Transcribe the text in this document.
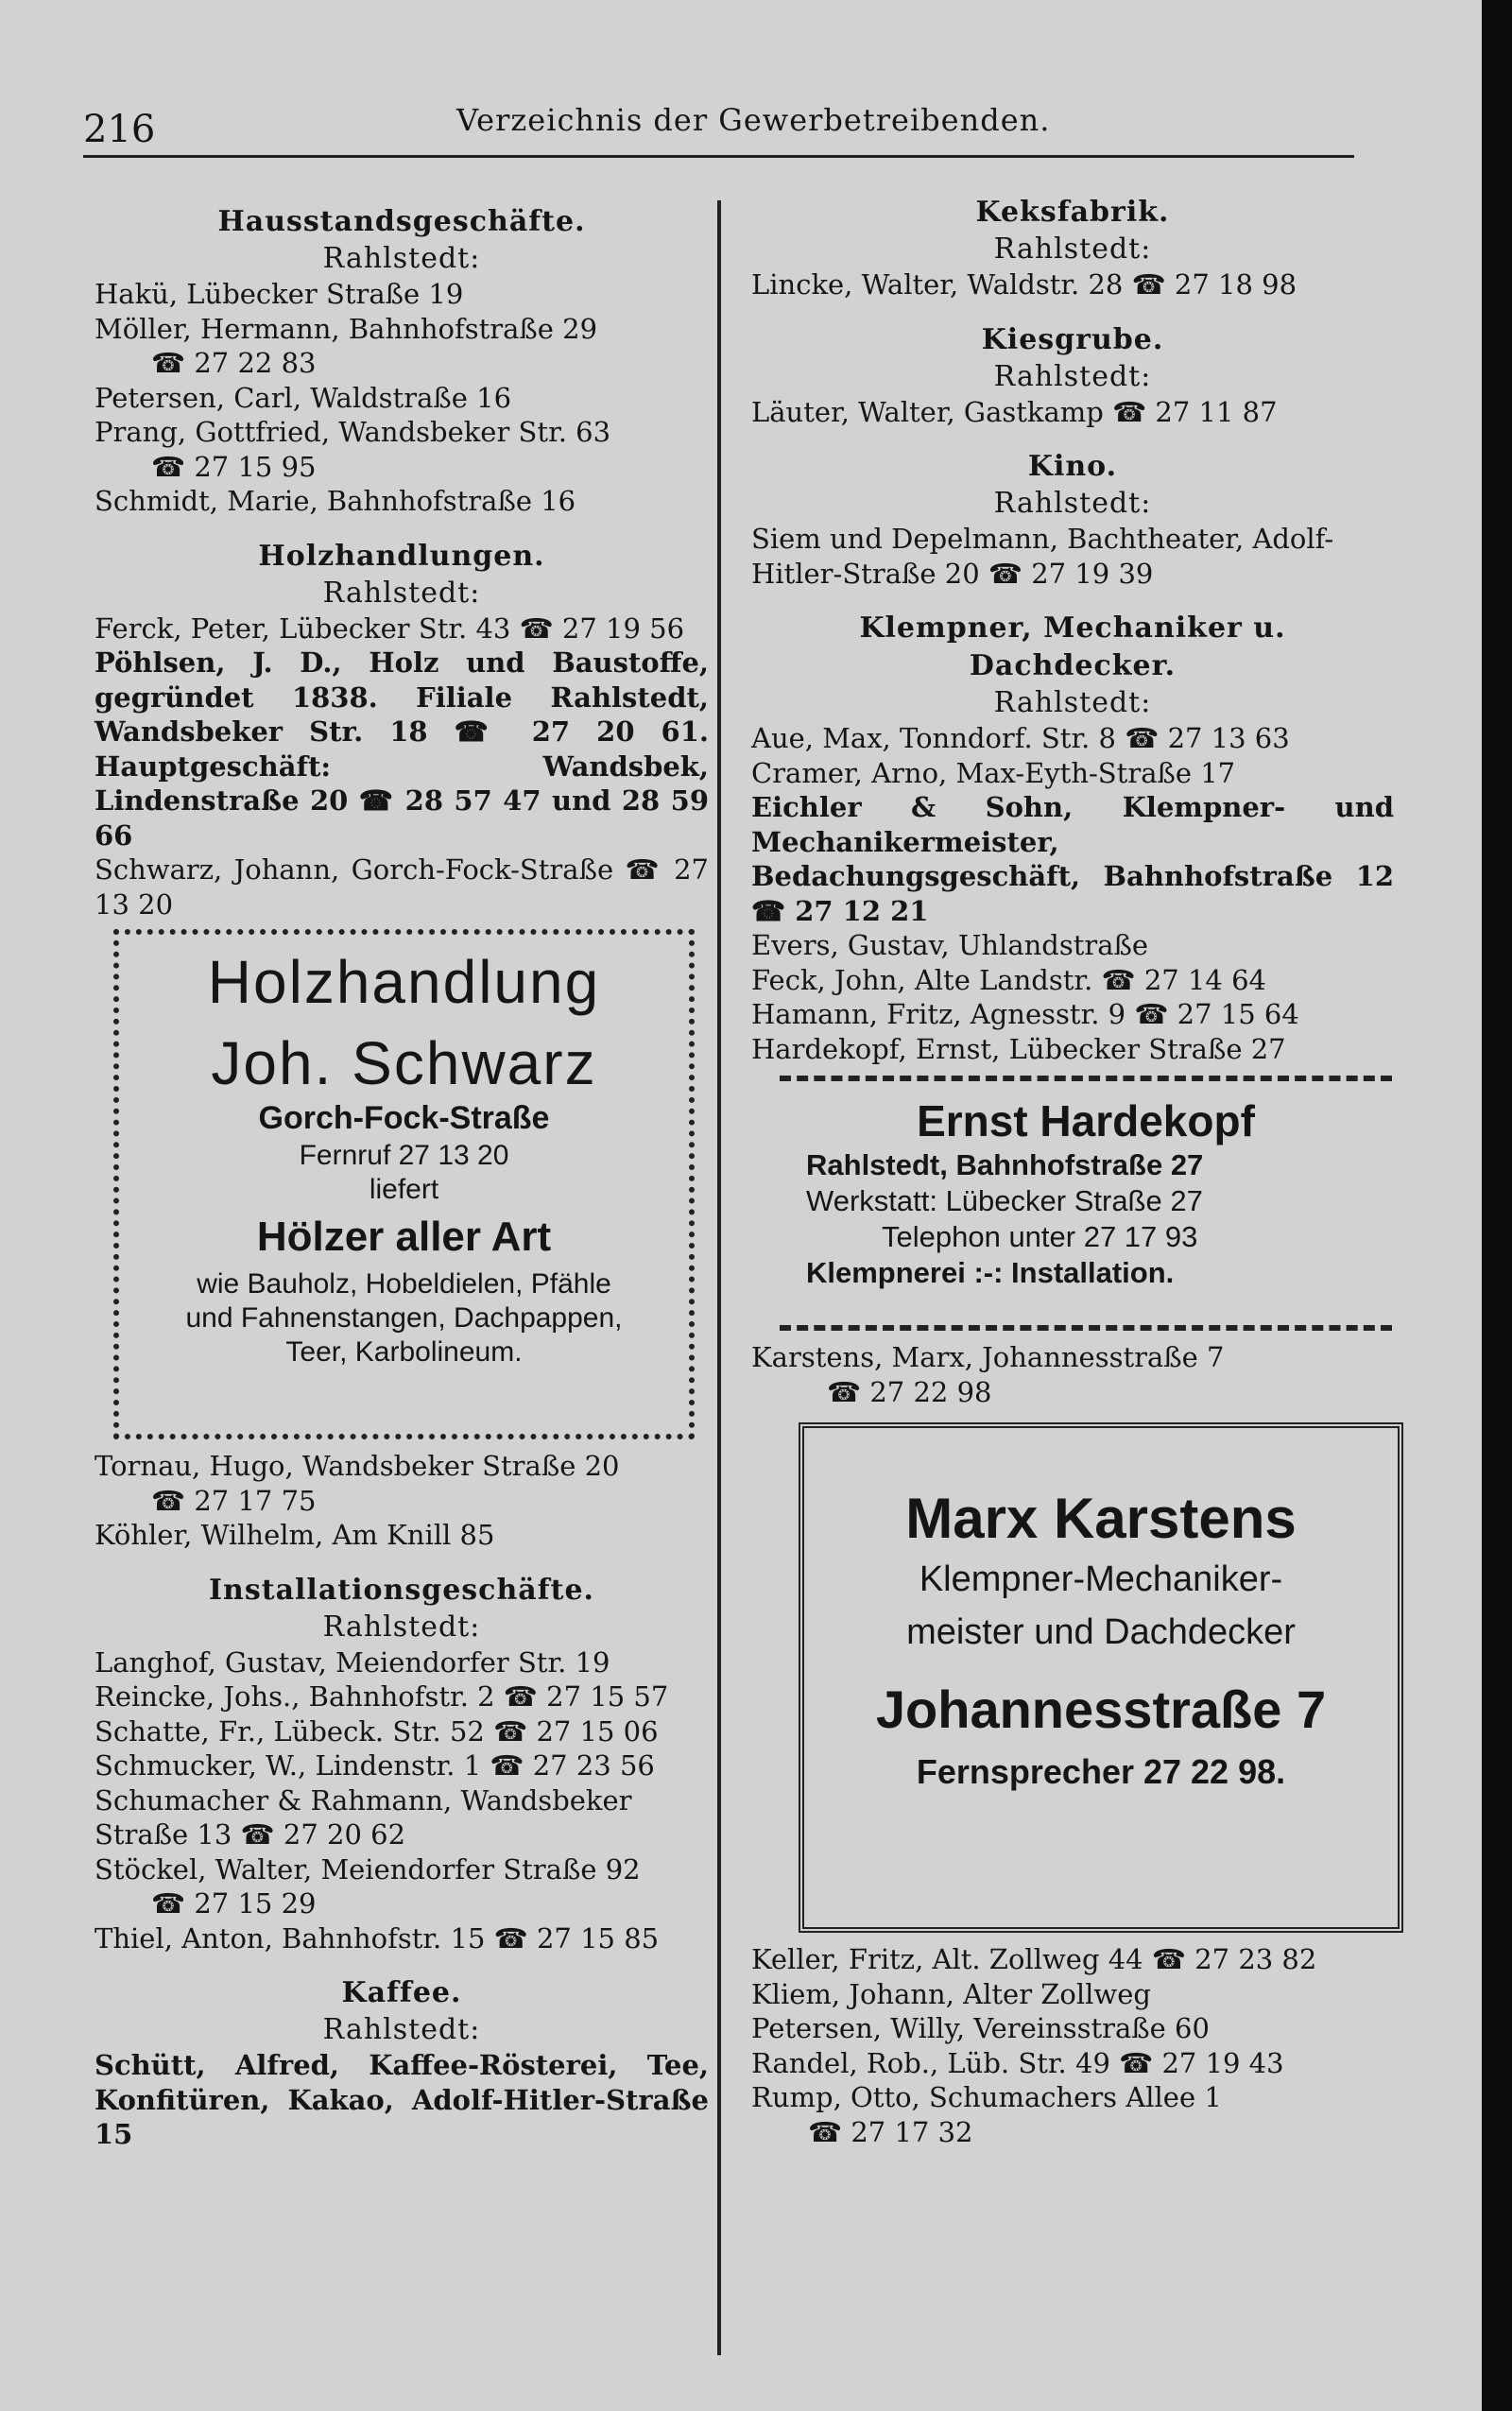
216	Verzeichnis der Gewerbetreibenden.
Hausstandsgeschäfte.
Rahlstedt:
Hakü, Lübecker Straße 19
Möller, Hermann, Bahnhofstraße 29
☎ 27 22 83
Petersen, Carl, Waldstraße 16
Prang, Gottfried, Wandsbeker Str. 63
☎ 27 15 95
Schmidt, Marie, Bahnhofstraße 16
Holzhandlungen.
Rahlstedt:
Ferck, Peter, Lübecker Str. 43 ☎ 27 19 56
Pöhlsen, J. D., Holz und Baustoffe, gegründet 1838. Filiale Rahlstedt, Wandsbeker Str. 18 ☎ 27 20 61. Hauptgeschäft: Wandsbek, Lindenstraße 20 ☎ 28 57 47 und 28 59 66
Schwarz, Johann, Gorch-Fock-Straße ☎ 27 13 20
Holzhandlung
Joh. Schwarz
Gorch-Fock-Straße
Fernruf 27 13 20
liefert
Hölzer aller Art
wie Bauholz, Hobeldielen, Pfähle
und Fahnenstangen, Dachpappen,
Teer, Karbolineum.
Tornau, Hugo, Wandsbeker Straße 20
☎ 27 17 75
Köhler, Wilhelm, Am Knill 85
Installationsgeschäfte.
Rahlstedt:
Langhof, Gustav, Meiendorfer Str. 19
Reincke, Johs., Bahnhofstr. 2 ☎ 27 15 57
Schatte, Fr., Lübeck. Str. 52 ☎ 27 15 06
Schmucker, W., Lindenstr. 1 ☎ 27 23 56
Schumacher & Rahmann, Wandsbeker
Straße 13 ☎ 27 20 62
Stöckel, Walter, Meiendorfer Straße 92
☎ 27 15 29
Thiel, Anton, Bahnhofstr. 15 ☎ 27 15 85
Kaffee.
Rahlstedt:
Schütt, Alfred, Kaffee-Rösterei, Tee, Konfitüren, Kakao, Adolf-Hitler-Straße 15
Keksfabrik.
Rahlstedt:
Lincke, Walter, Waldstr. 28 ☎ 27 18 98
Kiesgrube.
Rahlstedt:
Läuter, Walter, Gastkamp ☎ 27 11 87
Kino.
Rahlstedt:
Siem und Depelmann, Bachtheater, Adolf-
Hitler-Straße 20 ☎ 27 19 39
Klempner, Mechaniker u. Dachdecker.
Rahlstedt:
Aue, Max, Tonndorf. Str. 8 ☎ 27 13 63
Cramer, Arno, Max-Eyth-Straße 17
Eichler & Sohn, Klempner- und Mechanikermeister, Bedachungsgeschäft, Bahnhofstraße 12 ☎ 27 12 21
Evers, Gustav, Uhlandstraße
Feck, John, Alte Landstr. ☎ 27 14 64
Hamann, Fritz, Agnesstr. 9 ☎ 27 15 64
Hardekopf, Ernst, Lübecker Straße 27
Ernst Hardekopf
Rahlstedt, Bahnhofstraße 27
Werkstatt: Lübecker Straße 27
Telephon unter 27 17 93
Klempnerei :-: Installation.
Karstens, Marx, Johannesstraße 7
☎ 27 22 98
Marx Karstens
Klempner-Mechaniker-
meister und Dachdecker
Johannesstraße 7
Fernsprecher 27 22 98.
Keller, Fritz, Alt. Zollweg 44 ☎ 27 23 82
Kliem, Johann, Alter Zollweg
Petersen, Willy, Vereinsstraße 60
Randel, Rob., Lüb. Str. 49 ☎ 27 19 43
Rump, Otto, Schumachers Allee 1
☎ 27 17 32
